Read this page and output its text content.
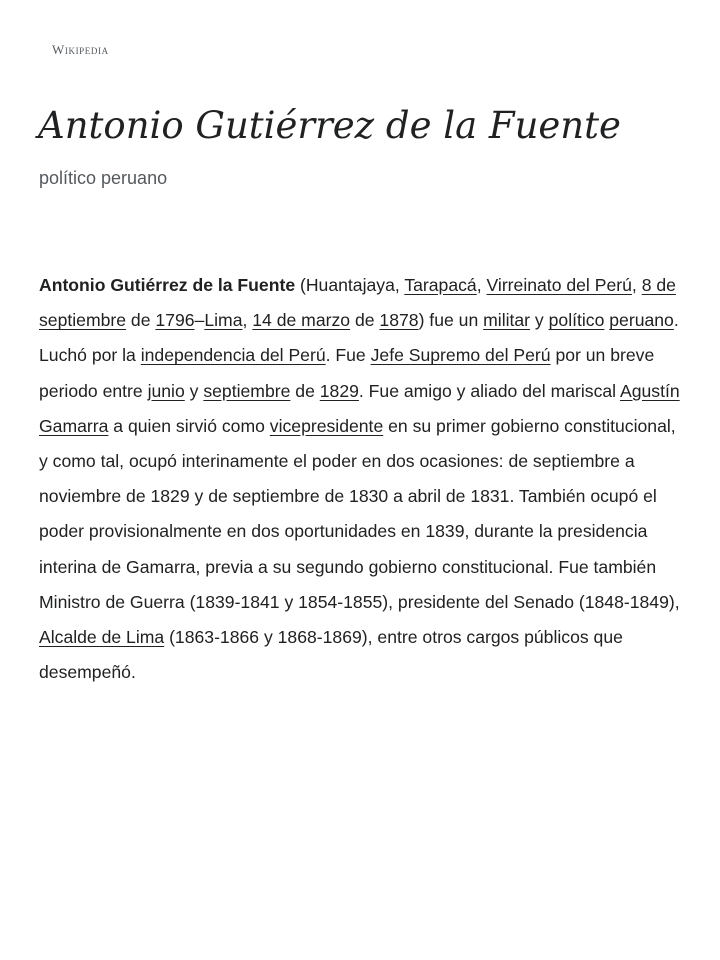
Wikipedia
Antonio Gutiérrez de la Fuente
político peruano

Antonio Gutiérrez de la Fuente (Huantajaya, Tarapacá, Virreinato del Perú, 8 de septiembre de 1796–Lima, 14 de marzo de 1878) fue un militar y político peruano. Luchó por la independencia del Perú. Fue Jefe Supremo del Perú por un breve periodo entre junio y septiembre de 1829. Fue amigo y aliado del mariscal Agustín Gamarra a quien sirvió como vicepresidente en su primer gobierno constitucional, y como tal, ocupó interinamente el poder en dos ocasiones: de septiembre a noviembre de 1829 y de septiembre de 1830 a abril de 1831. También ocupó el poder provisionalmente en dos oportunidades en 1839, durante la presidencia interina de Gamarra, previa a su segundo gobierno constitucional. Fue también Ministro de Guerra (1839-1841 y 1854-1855), presidente del Senado (1848-1849), Alcalde de Lima (1863-1866 y 1868-1869), entre otros cargos públicos que desempeñó.
